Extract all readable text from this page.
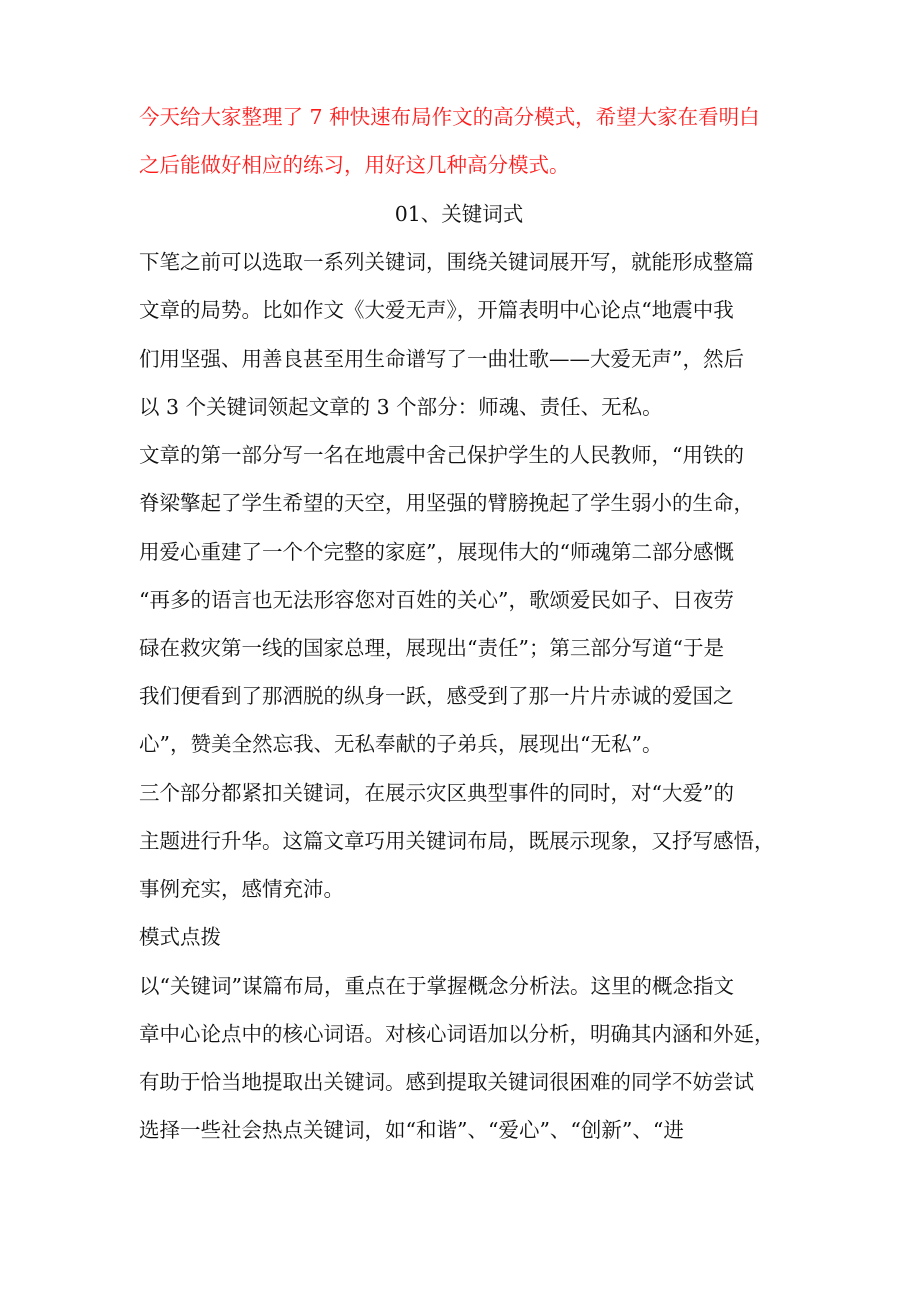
今天给大家整理了 7 种快速布局作文的高分模式，希望大家在看明白
之后能做好相应的练习，用好这几种高分模式。
01、关键词式
下笔之前可以选取一系列关键词，围绕关键词展开写，就能形成整篇
文章的局势。比如作文《大爱无声》，开篇表明中心论点“地震中我
们用坚强、用善良甚至用生命谱写了一曲壮歌——大爱无声”，然后
以 3 个关键词领起文章的 3 个部分：师魂、责任、无私。
文章的第一部分写一名在地震中舍己保护学生的人民教师，“用铁的
脊梁擎起了学生希望的天空，用坚强的臂膀挽起了学生弱小的生命，
用爱心重建了一个个完整的家庭”，展现伟大的“师魂第二部分感慨
“再多的语言也无法形容您对百姓的关心”，歌颂爱民如子、日夜劳
碌在救灾第一线的国家总理，展现出“责任”；第三部分写道“于是
我们便看到了那洒脱的纵身一跃，感受到了那一片片赤诚的爱国之
心”，赞美全然忘我、无私奉献的子弟兵，展现出“无私”。
三个部分都紧扣关键词，在展示灾区典型事件的同时，对“大爱”的
主题进行升华。这篇文章巧用关键词布局，既展示现象，又抒写感悟，
事例充实，感情充沛。
模式点拨
以“关键词”谋篇布局，重点在于掌握概念分析法。这里的概念指文
章中心论点中的核心词语。对核心词语加以分析，明确其内涵和外延，
有助于恰当地提取出关键词。感到提取关键词很困难的同学不妨尝试
选择一些社会热点关键词，如“和谐”、“爱心”、“创新”、“进
